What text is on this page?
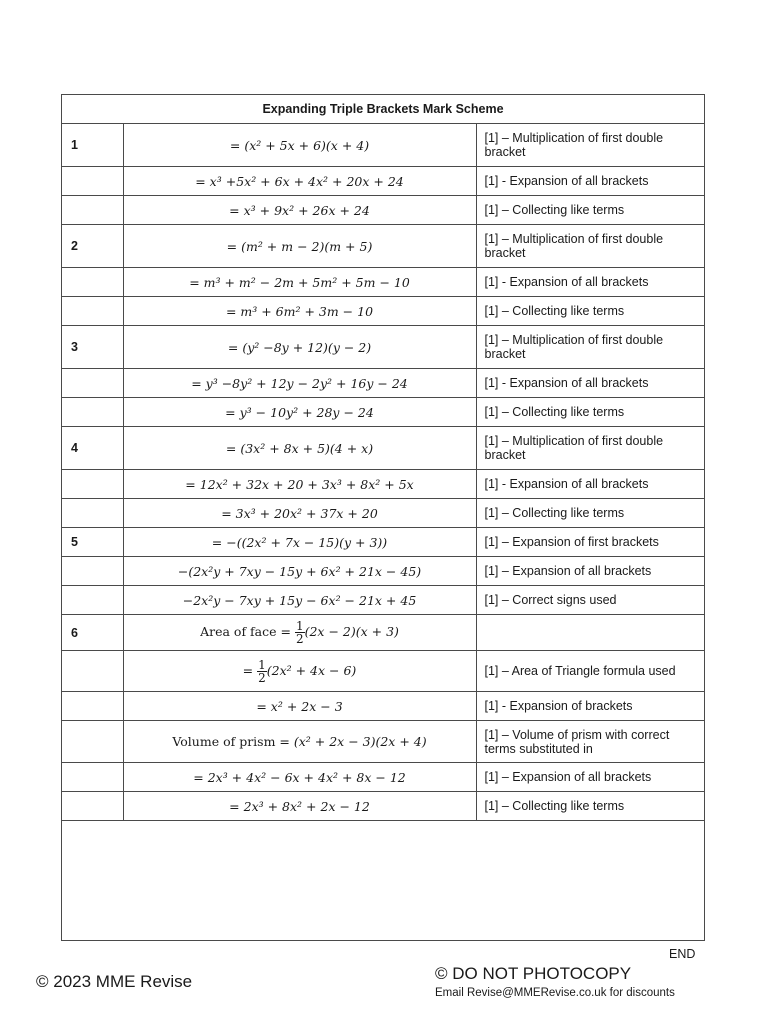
Expanding Triple Brackets Mark Scheme		
1	= (x² + 5x + 6)(x + 4)	[1] – Multiplication of first double bracket
	= x³ +5x² + 6x + 4x² + 20x + 24	[1] - Expansion of all brackets
	= x³ + 9x² + 26x + 24	[1] – Collecting like terms
2	= (m² + m − 2)(m + 5)	[1] – Multiplication of first double bracket
	= m³ + m² − 2m + 5m² + 5m − 10	[1] - Expansion of all brackets
	= m³ + 6m² + 3m − 10	[1] – Collecting like terms
3	= (y² −8y + 12)(y − 2)	[1] – Multiplication of first double bracket
	= y³ −8y² + 12y − 2y² + 16y − 24	[1] - Expansion of all brackets
	= y³ − 10y² + 28y − 24	[1] – Collecting like terms
4	= (3x² + 8x + 5)(4 + x)	[1] – Multiplication of first double bracket
	= 12x² + 32x + 20 + 3x³ + 8x² + 5x	[1] - Expansion of all brackets
	= 3x³ + 20x² + 37x + 20	[1] – Collecting like terms
5	= −((2x² + 7x − 15)(y + 3))	[1] – Expansion of first brackets
	−(2x²y + 7xy − 15y + 6x² + 21x − 45)	[1] – Expansion of all brackets
	−2x²y − 7xy + 15y − 6x² − 21x + 45	[1] – Correct signs used
6	Area of face = $\frac{1}{2} (2x - 2)(x + 3)$	
	= $\frac{1}{2} (2x^2 + 4x - 6)$	[1] – Area of Triangle formula used
	= x² + 2x − 3	[1] - Expansion of brackets
	Volume of prism = (x² + 2x − 3)(2x + 4)	[1] – Volume of prism with correct terms substituted in
	= 2x³ + 4x² − 6x + 4x² + 8x − 12	[1] – Expansion of all brackets
	= 2x³ + 8x² + 2x − 12	[1] – Collecting like terms
END
© 2023 MME Revise	© DO NOT PHOTOCOPY
Email Revise@MMERevise.co.uk for discounts
